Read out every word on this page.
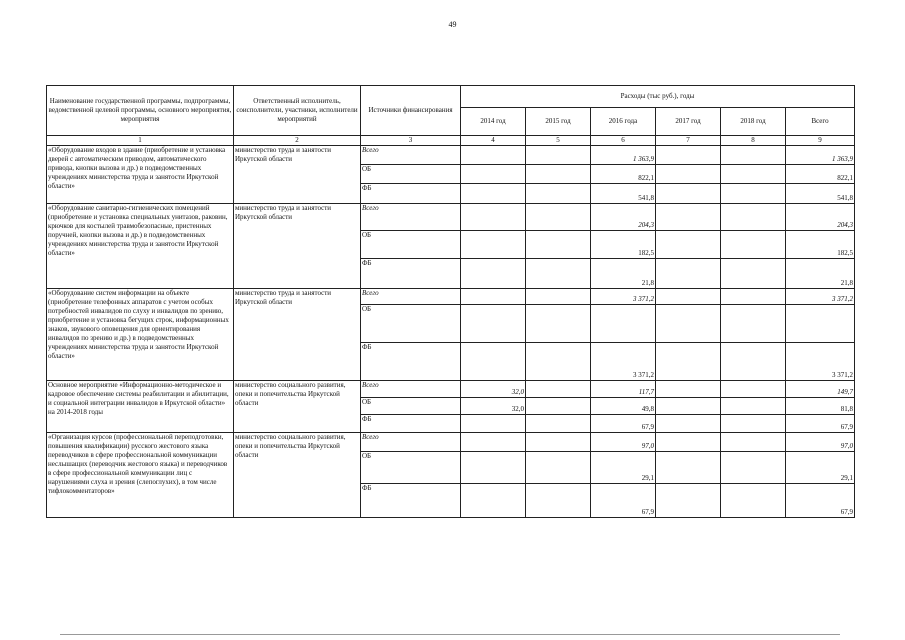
49
Наименование государственной программы, подпрограммы, ведомственной целевой программы, основного мероприятия, мероприятия	Ответственный исполнитель, соисполнители, участники, исполнители мероприятий	Источники финансирования	Расходы (тыс руб.), годы					
			2014 год	2015 год	2016 года	2017 год	2018 год	Всего
1	2	3	4	5	6	7	8	9
«Оборудование входов в здание (приобретение и установка дверей с автоматическим приводом, автоматического привода, кнопки вызова и др.) в подведомственных учреждениях министерства труда и занятости Иркутской области»	министерство труда и занятости Иркутской области	Всего			1 363,9			1 363,9
		ОБ			822,1			822,1
		ФБ			541,8			541,8
«Оборудование санитарно-гигиенических помещений (приобретение и установка специальных унитазов, раковин, крючков для костылей травмобезопасные, пристенных поручней, кнопки вызова и др.) в подведомственных учреждениях министерства труда и занятости Иркутской области»	министерство труда и занятости Иркутской области	Всего			204,3			204,3
		ОБ			182,5			182,5
		ФБ			21,8			21,8
«Оборудование систем информации на объекте (приобретение телефонных аппаратов с учетом особых потребностей инвалидов по слуху и инвалидов по зрению, приобретение и установка бегущих строк, информационных знаков, звукового оповещения для ориентирования инвалидов по зрению и др.) в подведомственных учреждениях министерства труда и занятости Иркутской области»	министерство труда и занятости Иркутской области	Всего			3 371,2			3 371,2
		ОБ						
		ФБ			3 371,2			3 371,2
Основное мероприятие «Информационно-методическое и кадровое обеспечение системы реабилитации и абилитации, и социальной интеграции инвалидов в Иркутской области» на 2014-2018 годы	министерство социального развития, опеки и попечительства Иркутской области	Всего	32,0		117,7			149,7
		ОБ	32,0		49,8			81,8
		ФБ			67,9			67,9
«Организация курсов (профессиональной переподготовки, повышения квалификации) русского жестового языка переводчиков в сфере профессиональной коммуникации неслышащих (переводчик жестового языка) и переводчиков в сфере профессиональной коммуникации лиц с нарушениями слуха и зрения (слепоглухих), в том числе тифлокомментаторов»	министерство социального развития, опеки и попечительства Иркутской области	Всего			97,0			97,0
		ОБ			29,1			29,1
		ФБ			67,9			67,9
